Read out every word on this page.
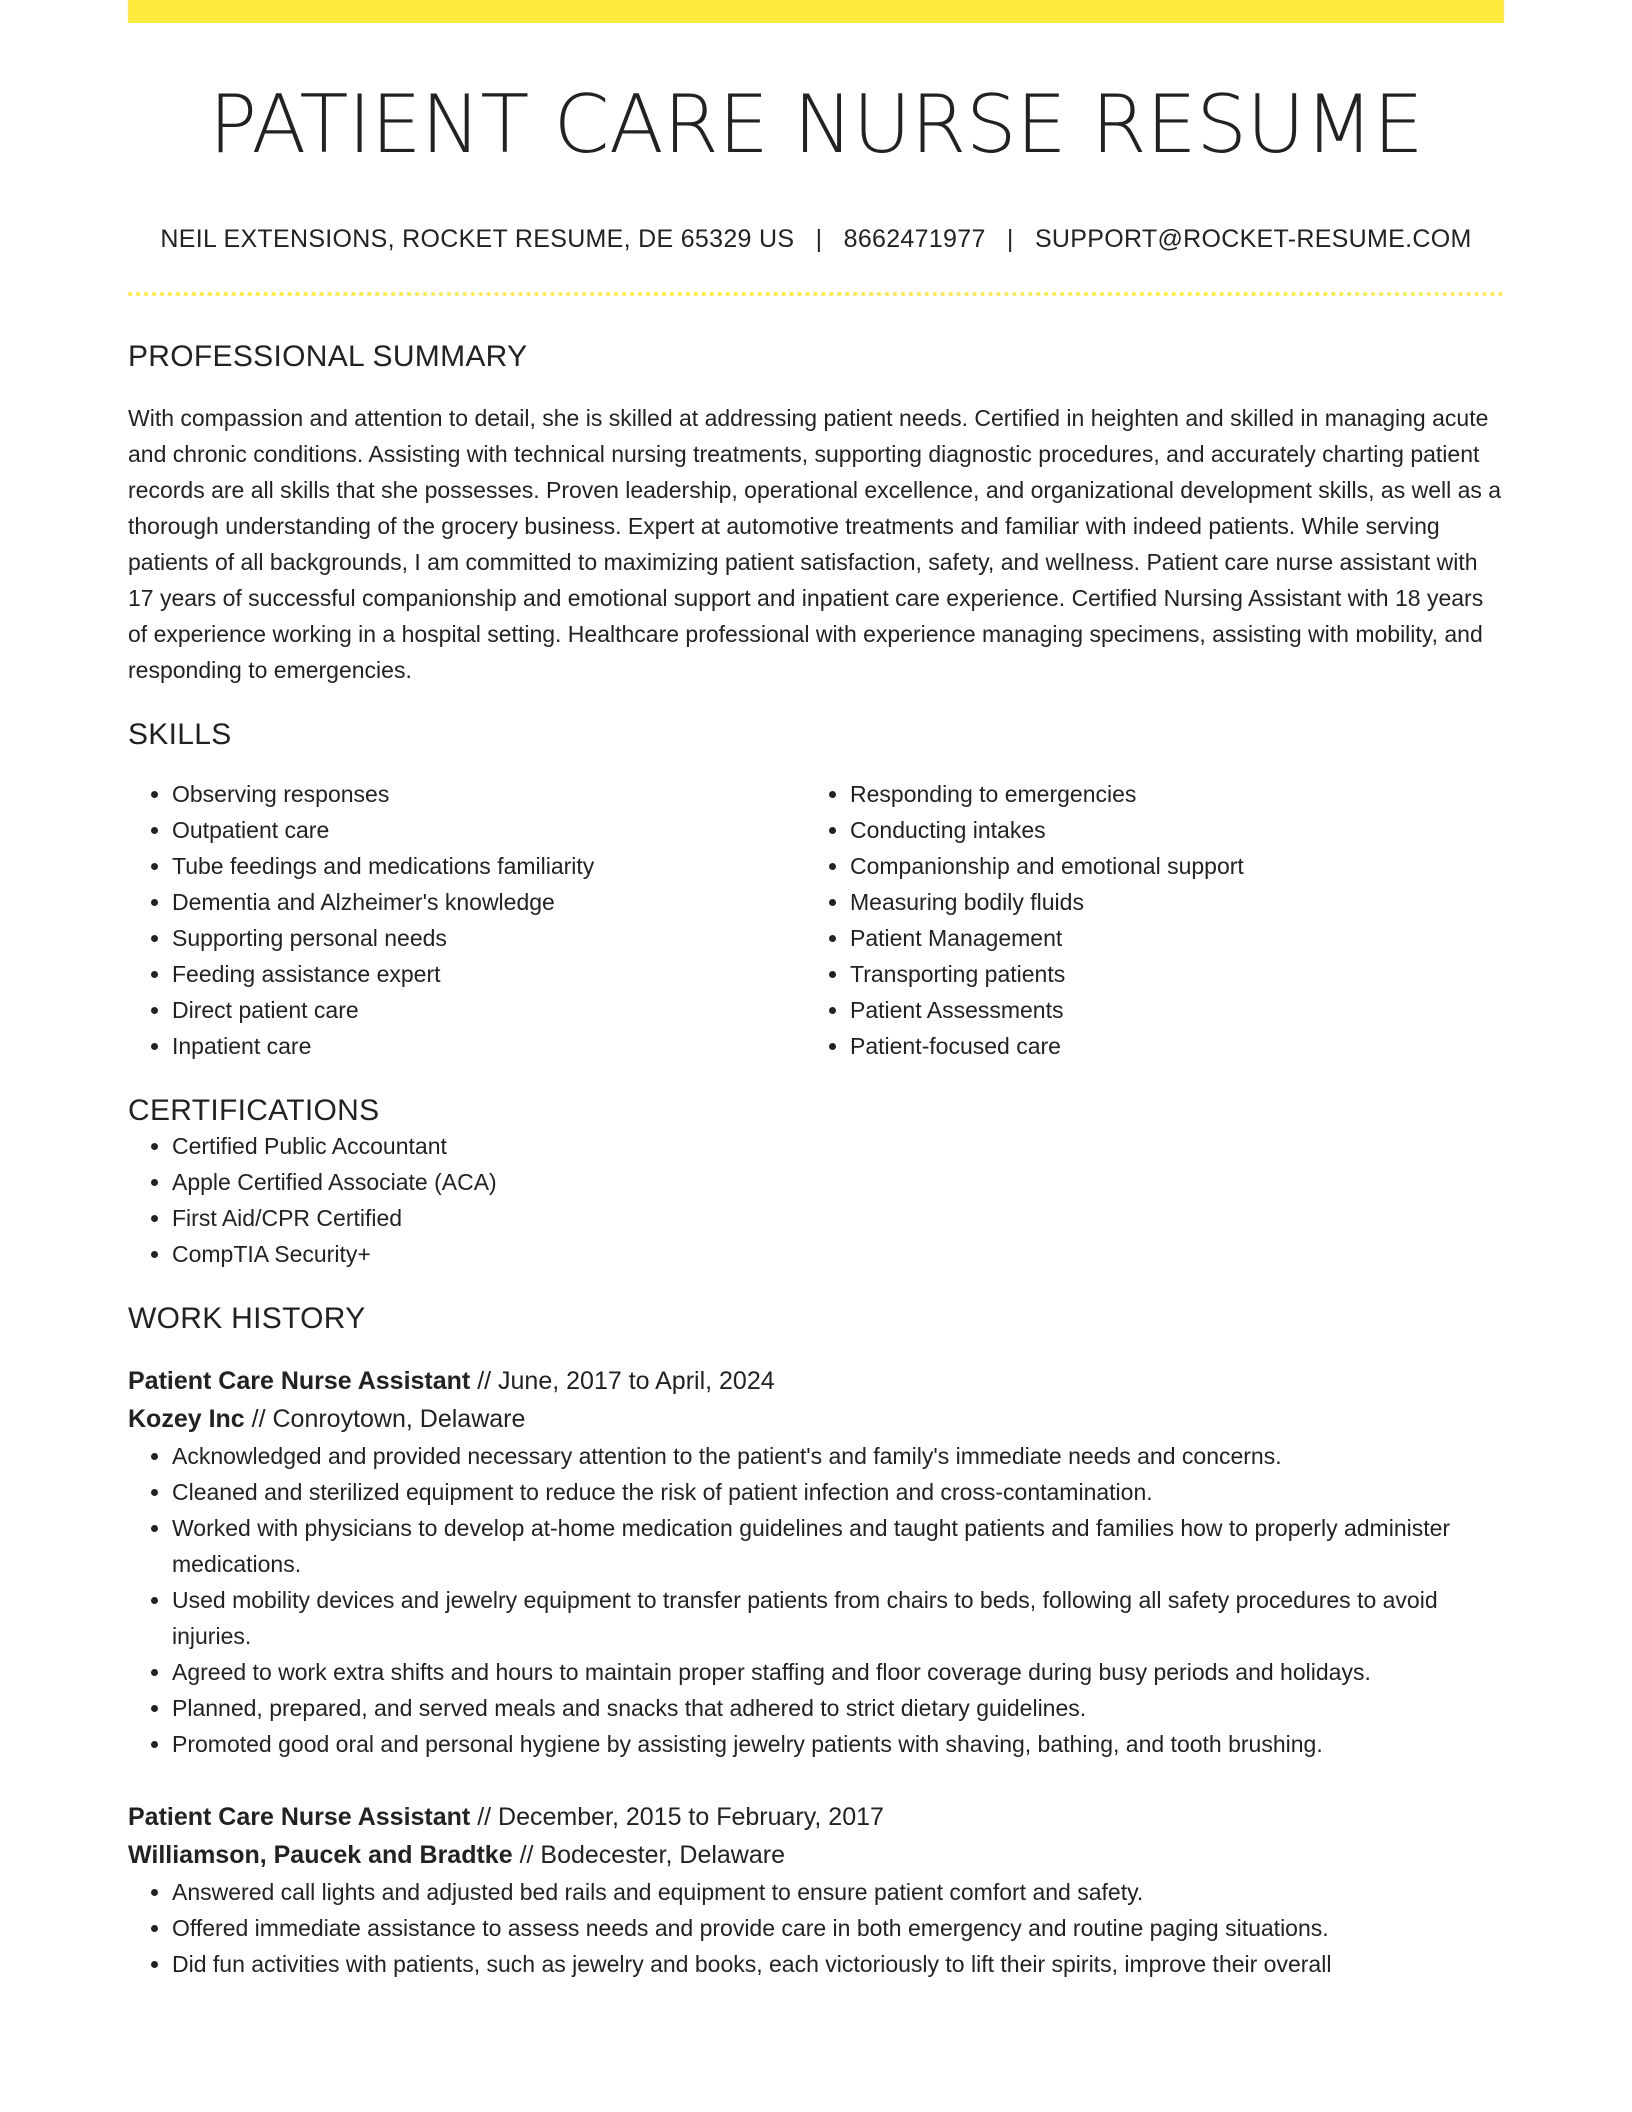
PATIENT CARE NURSE RESUME
NEIL EXTENSIONS, ROCKET RESUME, DE 65329 US | 8662471977 | SUPPORT@ROCKET-RESUME.COM
PROFESSIONAL SUMMARY

With compassion and attention to detail, she is skilled at addressing patient needs. Certified in heighten and skilled in managing acute and chronic conditions. Assisting with technical nursing treatments, supporting diagnostic procedures, and accurately charting patient records are all skills that she possesses. Proven leadership, operational excellence, and organizational development skills, as well as a thorough understanding of the grocery business. Expert at automotive treatments and familiar with indeed patients. While serving patients of all backgrounds, I am committed to maximizing patient satisfaction, safety, and wellness. Patient care nurse assistant with 17 years of successful companionship and emotional support and inpatient care experience. Certified Nursing Assistant with 18 years of experience working in a hospital setting. Healthcare professional with experience managing specimens, assisting with mobility, and responding to emergencies.

SKILLS
• Observing responses
• Outpatient care
• Tube feedings and medications familiarity
• Dementia and Alzheimer's knowledge
• Supporting personal needs
• Feeding assistance expert
• Direct patient care
• Inpatient care
• Responding to emergencies
• Conducting intakes
• Companionship and emotional support
• Measuring bodily fluids
• Patient Management
• Transporting patients
• Patient Assessments
• Patient-focused care
CERTIFICATIONS
• Certified Public Accountant
• Apple Certified Associate (ACA)
• First Aid/CPR Certified
• CompTIA Security+
WORK HISTORY
Patient Care Nurse Assistant // June, 2017 to April, 2024
Kozey Inc // Conroytown, Delaware
• Acknowledged and provided necessary attention to the patient's and family's immediate needs and concerns.
• Cleaned and sterilized equipment to reduce the risk of patient infection and cross-contamination.
• Worked with physicians to develop at-home medication guidelines and taught patients and families how to properly administer medications.
• Used mobility devices and jewelry equipment to transfer patients from chairs to beds, following all safety procedures to avoid injuries.
• Agreed to work extra shifts and hours to maintain proper staffing and floor coverage during busy periods and holidays.
• Planned, prepared, and served meals and snacks that adhered to strict dietary guidelines.
• Promoted good oral and personal hygiene by assisting jewelry patients with shaving, bathing, and tooth brushing.
Patient Care Nurse Assistant // December, 2015 to February, 2017
Williamson, Paucek and Bradtke // Bodecester, Delaware
• Answered call lights and adjusted bed rails and equipment to ensure patient comfort and safety.
• Offered immediate assistance to assess needs and provide care in both emergency and routine paging situations.
• Did fun activities with patients, such as jewelry and books, each victoriously to lift their spirits, improve their overall
